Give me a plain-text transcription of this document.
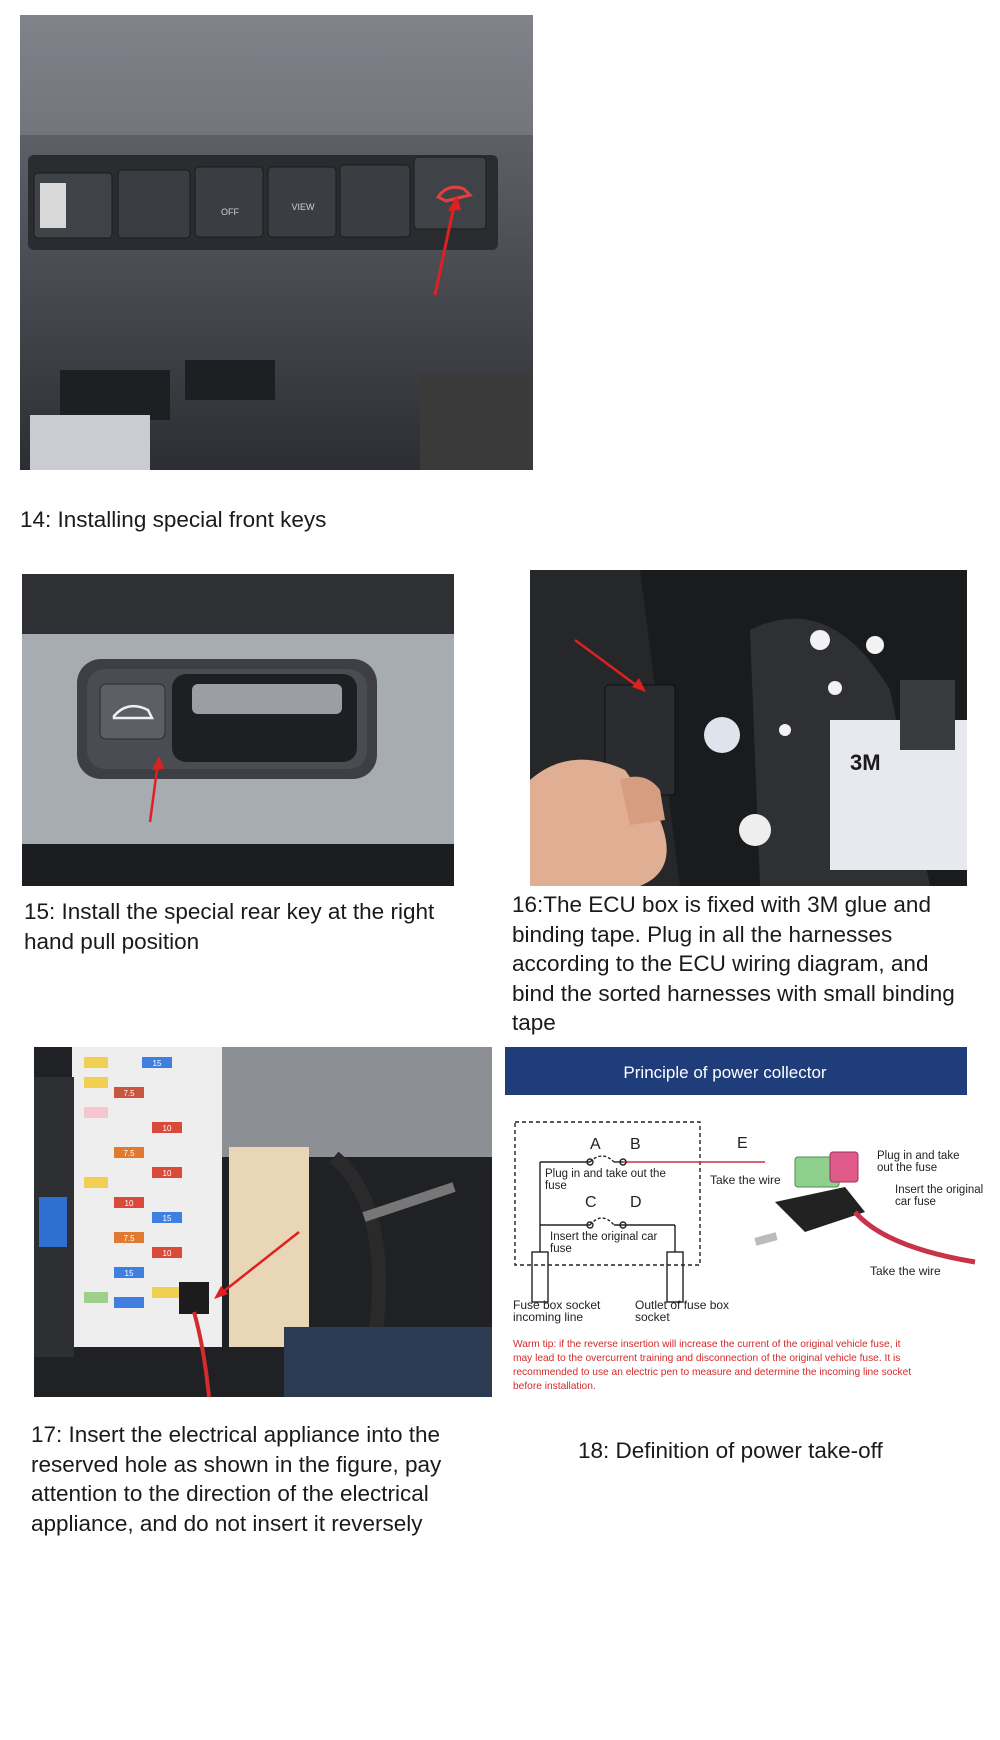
OFF	VIEW
14: Installing special front keys
15: Install the special rear key at the right hand pull position
3M
16:The ECU box is fixed with 3M glue and binding tape. Plug in all the harnesses according to the ECU wiring diagram, and bind the sorted harnesses with small binding tape
15
7.5
10
7.5
10
10
15
7.5
10
15
17: Insert the electrical appliance into the reserved hole as shown in the figure, pay attention to the direction of the electrical appliance, and do not insert it reversely
Principle of power collector
A B
C D
E
Plug in and take out the
fuse
Insert the original car
fuse
Take the wire
Plug in and take
out the fuse
Insert the original
car fuse
Take the wire
Fuse box socket
incoming line
Outlet of fuse box
socket
Warm tip: if the reverse insertion will increase the current of the original vehicle fuse, it
may lead to the overcurrent training and disconnection of the original vehicle fuse. It is
recommended to use an electric pen to measure and determine the incoming line socket
before installation.
18: Definition of power take-off
